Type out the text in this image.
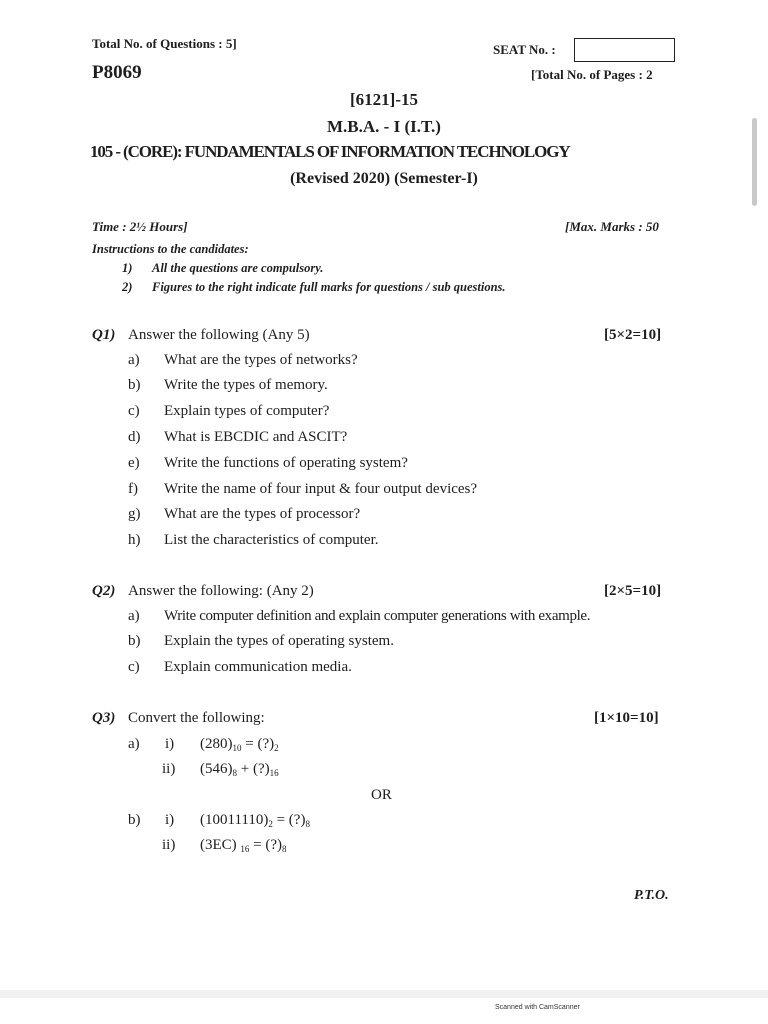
Total No. of Questions : 5]	SEAT No. :
P8069	[Total No. of Pages : 2
[6121]-15
M.B.A. - I (I.T.)
105 - (CORE): FUNDAMENTALS OF INFORMATION TECHNOLOGY
(Revised 2020) (Semester-I)
Time : 2½ Hours]	[Max. Marks : 50
Instructions to the candidates:
1) All the questions are compulsory.
2) Figures to the right indicate full marks for questions / sub questions.
Q1) Answer the following (Any 5)	[5×2=10]
a) What are the types of networks?
b) Write the types of memory.
c) Explain types of computer?
d) What is EBCDIC and ASCIT?
e) Write the functions of operating system?
f) Write the name of four input & four output devices?
g) What are the types of processor?
h) List the characteristics of computer.
Q2) Answer the following: (Any 2)	[2×5=10]
a) Write computer definition and explain computer generations with example.
b) Explain the types of operating system.
c) Explain communication media.
Q3) Convert the following:	[1×10=10]
a) i) $(280)_{10}$ = $(?)_2$
ii) $(546)_8$ + $(?)_{16}$
OR
b) i) $(10011110)_2$ = $(?)_8$
ii) (3EC) $_{16} = (?)_8$
P.T.O.
Scanned with CamScanner
